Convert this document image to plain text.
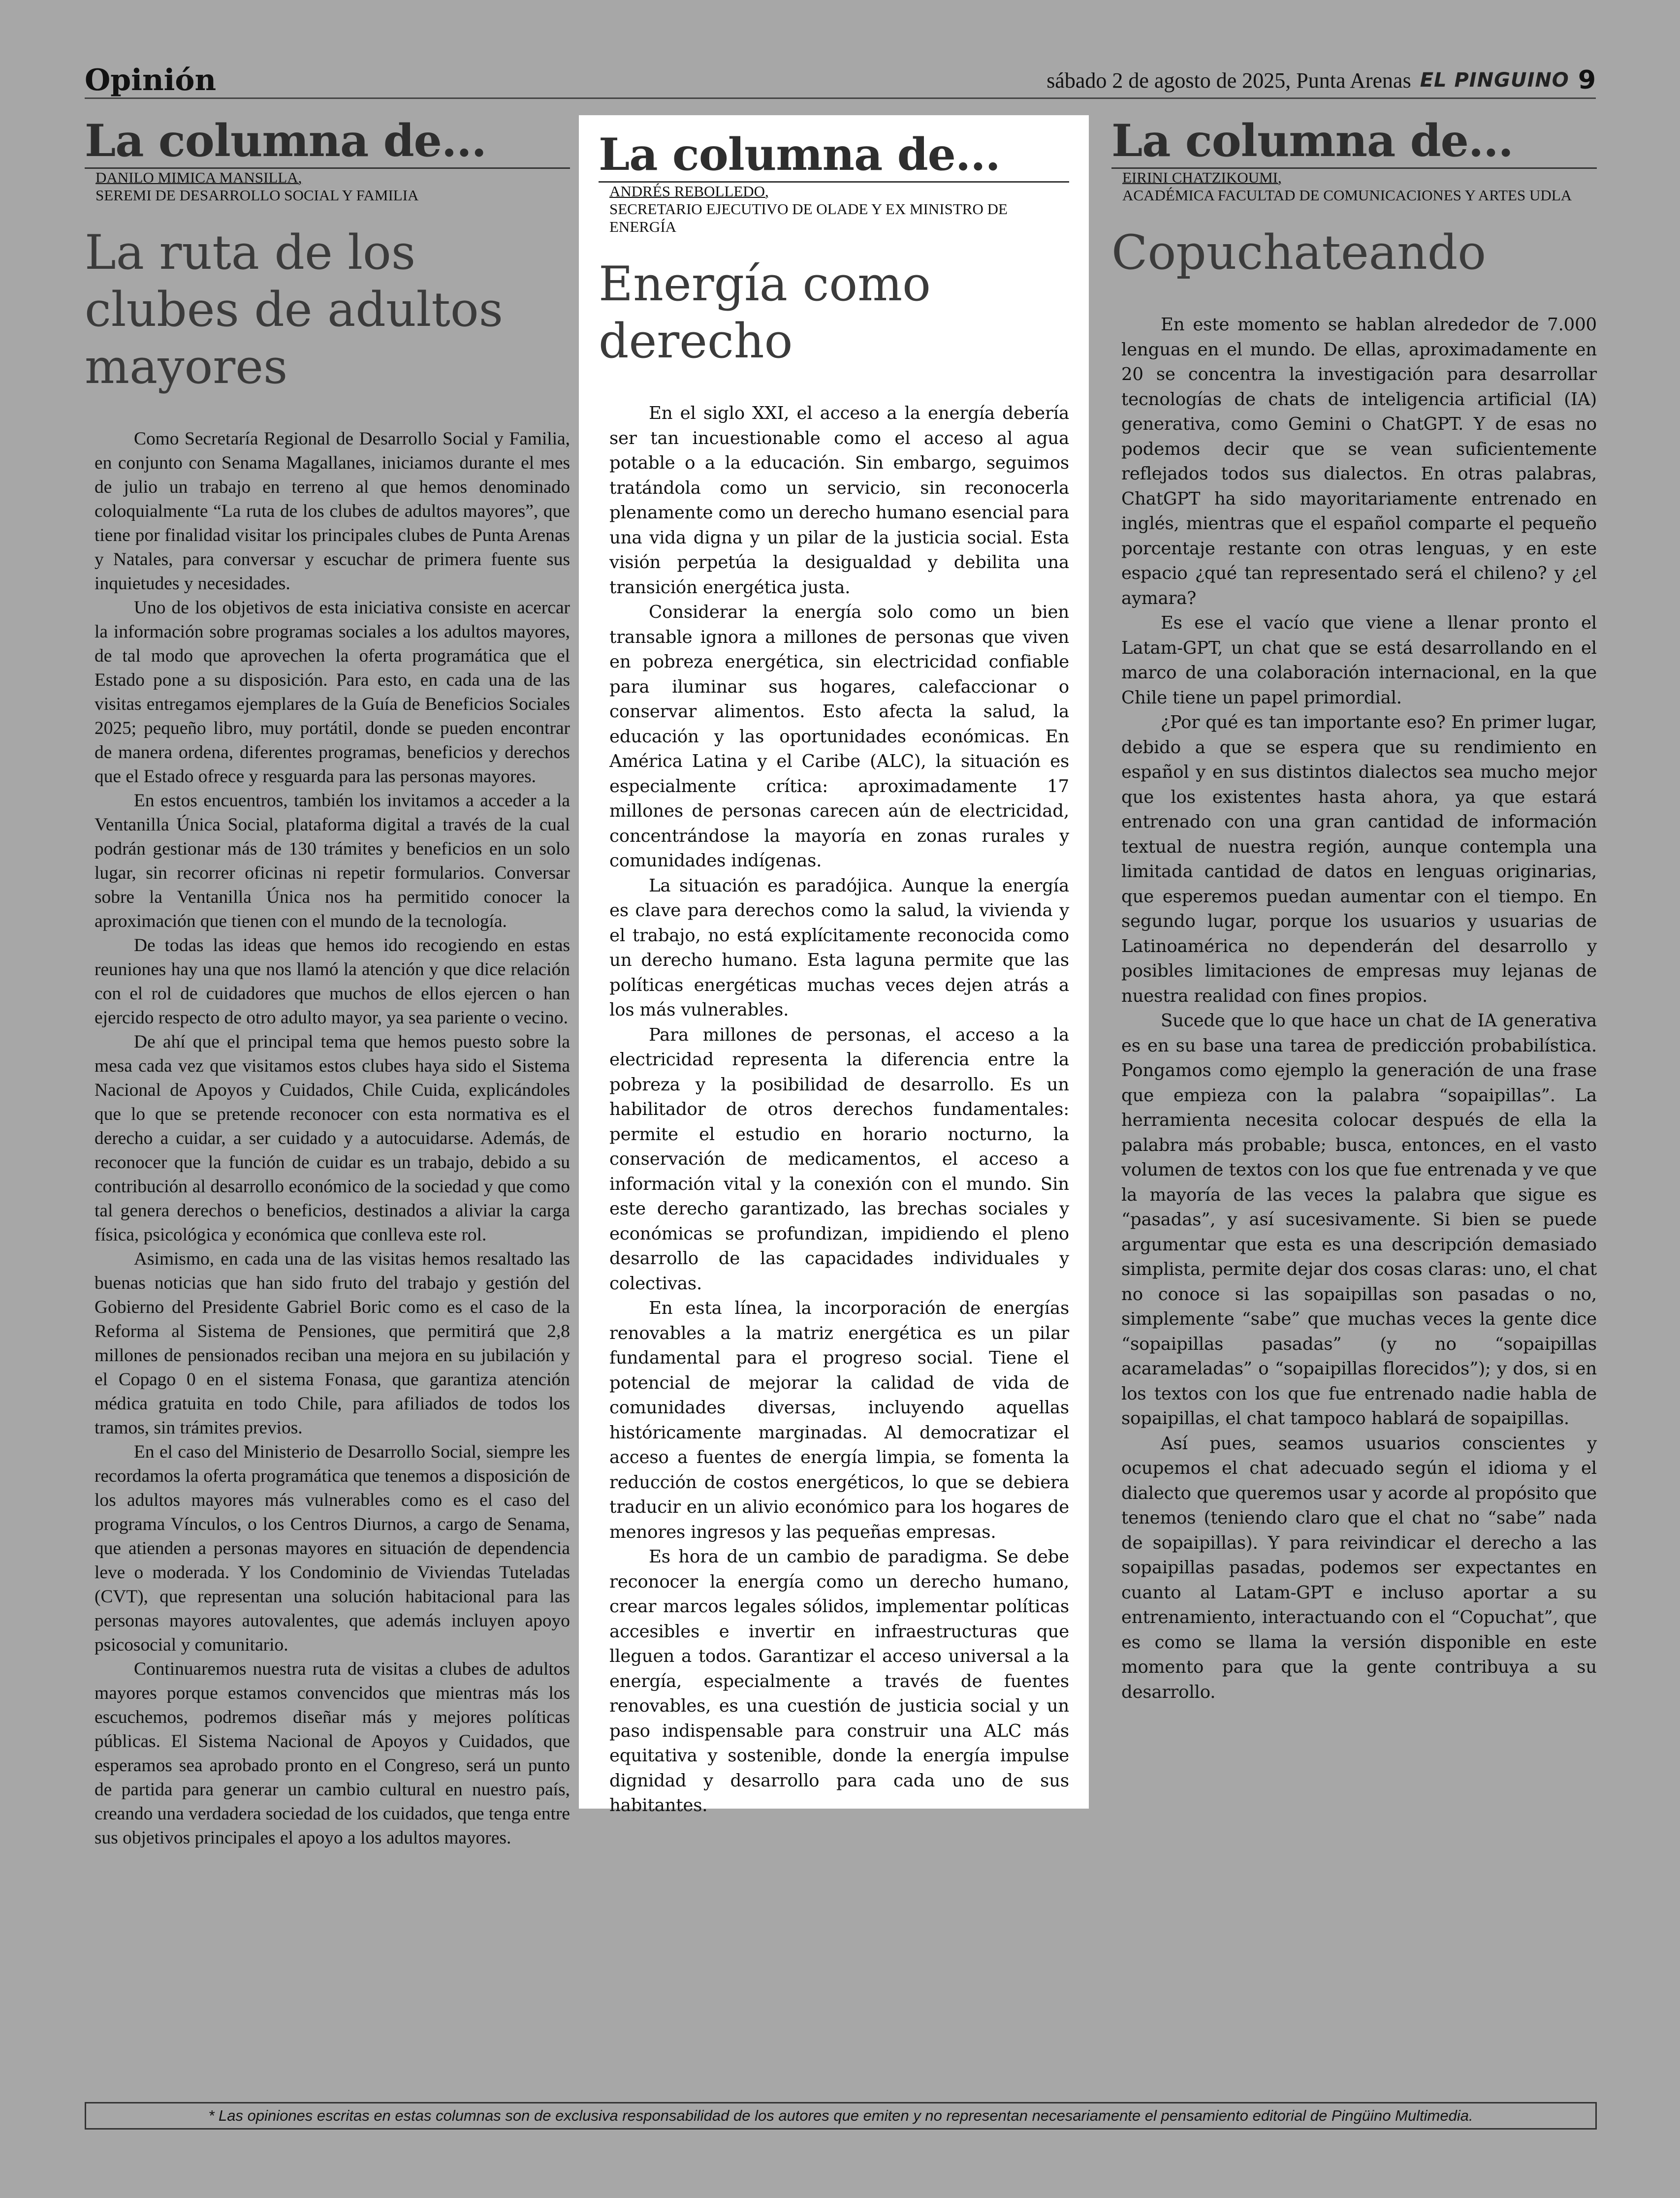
Opinión	sábado 2 de agosto de 2025, Punta Arenas EL PINGUINO 9
La columna de...
DANILO MIMICA MANSILLA,
SEREMI DE DESARROLLO SOCIAL Y FAMILIA
La ruta de los clubes de adultos mayores

Como Secretaría Regional de Desarrollo Social y Familia, en conjunto con Senama Magallanes, iniciamos durante el mes de julio un trabajo en terreno al que hemos denominado coloquialmente “La ruta de los clubes de adultos mayores”, que tiene por finalidad visitar los principales clubes de Punta Arenas y Natales, para conversar y escuchar de primera fuente sus inquietudes y necesidades.

Uno de los objetivos de esta iniciativa consiste en acercar la información sobre programas sociales a los adultos mayores, de tal modo que aprovechen la oferta programática que el Estado pone a su disposición. Para esto, en cada una de las visitas entregamos ejemplares de la Guía de Beneficios Sociales 2025; pequeño libro, muy portátil, donde se pueden encontrar de manera ordena, diferentes programas, beneficios y derechos que el Estado ofrece y resguarda para las personas mayores.

En estos encuentros, también los invitamos a acceder a la Ventanilla Única Social, plataforma digital a través de la cual podrán gestionar más de 130 trámites y beneficios en un solo lugar, sin recorrer oficinas ni repetir formularios. Conversar sobre la Ventanilla Única nos ha permitido conocer la aproximación que tienen con el mundo de la tecnología.

De todas las ideas que hemos ido recogiendo en estas reuniones hay una que nos llamó la atención y que dice relación con el rol de cuidadores que muchos de ellos ejercen o han ejercido respecto de otro adulto mayor, ya sea pariente o vecino.

De ahí que el principal tema que hemos puesto sobre la mesa cada vez que visitamos estos clubes haya sido el Sistema Nacional de Apoyos y Cuidados, Chile Cuida, explicándoles que lo que se pretende reconocer con esta normativa es el derecho a cuidar, a ser cuidado y a autocuidarse. Además, de reconocer que la función de cuidar es un trabajo, debido a su contribución al desarrollo económico de la sociedad y que como tal genera derechos o beneficios, destinados a aliviar la carga física, psicológica y económica que conlleva este rol.

Asimismo, en cada una de las visitas hemos resaltado las buenas noticias que han sido fruto del trabajo y gestión del Gobierno del Presidente Gabriel Boric como es el caso de la Reforma al Sistema de Pensiones, que permitirá que 2,8 millones de pensionados reciban una mejora en su jubilación y el Copago 0 en el sistema Fonasa, que garantiza atención médica gratuita en todo Chile, para afiliados de todos los tramos, sin trámites previos.

En el caso del Ministerio de Desarrollo Social, siempre les recordamos la oferta programática que tenemos a disposición de los adultos mayores más vulnerables como es el caso del programa Vínculos, o los Centros Diurnos, a cargo de Senama, que atienden a personas mayores en situación de dependencia leve o moderada. Y los Condominio de Viviendas Tuteladas (CVT), que representan una solución habitacional para las personas mayores autovalentes, que además incluyen apoyo psicosocial y comunitario.

Continuaremos nuestra ruta de visitas a clubes de adultos mayores porque estamos convencidos que mientras más los escuchemos, podremos diseñar más y mejores políticas públicas. El Sistema Nacional de Apoyos y Cuidados, que esperamos sea aprobado pronto en el Congreso, será un punto de partida para generar un cambio cultural en nuestro país, creando una verdadera sociedad de los cuidados, que tenga entre sus objetivos principales el apoyo a los adultos mayores.

La columna de...
ANDRÉS REBOLLEDO,
SECRETARIO EJECUTIVO DE OLADE Y EX MINISTRO DE ENERGÍA
Energía como derecho

En el siglo XXI, el acceso a la energía debería ser tan incuestionable como el acceso al agua potable o a la educación. Sin embargo, seguimos tratándola como un servicio, sin reconocerla plenamente como un derecho humano esencial para una vida digna y un pilar de la justicia social. Esta visión perpetúa la desigualdad y debilita una transición energética justa.

Considerar la energía solo como un bien transable ignora a millones de personas que viven en pobreza energética, sin electricidad confiable para iluminar sus hogares, calefaccionar o conservar alimentos. Esto afecta la salud, la educación y las oportunidades económicas. En América Latina y el Caribe (ALC), la situación es especialmente crítica: aproximadamente 17 millones de personas carecen aún de electricidad, concentrándose la mayoría en zonas rurales y comunidades indígenas.

La situación es paradójica. Aunque la energía es clave para derechos como la salud, la vivienda y el trabajo, no está explícitamente reconocida como un derecho humano. Esta laguna permite que las políticas energéticas muchas veces dejen atrás a los más vulnerables.

Para millones de personas, el acceso a la electricidad representa la diferencia entre la pobreza y la posibilidad de desarrollo. Es un habilitador de otros derechos fundamentales: permite el estudio en horario nocturno, la conservación de medicamentos, el acceso a información vital y la conexión con el mundo. Sin este derecho garantizado, las brechas sociales y económicas se profundizan, impidiendo el pleno desarrollo de las capacidades individuales y colectivas.

En esta línea, la incorporación de energías renovables a la matriz energética es un pilar fundamental para el progreso social. Tiene el potencial de mejorar la calidad de vida de comunidades diversas, incluyendo aquellas históricamente marginadas. Al democratizar el acceso a fuentes de energía limpia, se fomenta la reducción de costos energéticos, lo que se debiera traducir en un alivio económico para los hogares de menores ingresos y las pequeñas empresas.

Es hora de un cambio de paradigma. Se debe reconocer la energía como un derecho humano, crear marcos legales sólidos, implementar políticas accesibles e invertir en infraestructuras que lleguen a todos. Garantizar el acceso universal a la energía, especialmente a través de fuentes renovables, es una cuestión de justicia social y un paso indispensable para construir una ALC más equitativa y sostenible, donde la energía impulse dignidad y desarrollo para cada uno de sus habitantes.

La columna de...
EIRINI CHATZIKOUMI,
ACADÉMICA FACULTAD DE COMUNICACIONES Y ARTES UDLA
Copuchateando

En este momento se hablan alrededor de 7.000 lenguas en el mundo. De ellas, aproximadamente en 20 se concentra la investigación para desarrollar tecnologías de chats de inteligencia artificial (IA) generativa, como Gemini o ChatGPT. Y de esas no podemos decir que se vean suficientemente reflejados todos sus dialectos. En otras palabras, ChatGPT ha sido mayoritariamente entrenado en inglés, mientras que el español comparte el pequeño porcentaje restante con otras lenguas, y en este espacio ¿qué tan representado será el chileno? y ¿el aymara?

Es ese el vacío que viene a llenar pronto el Latam-GPT, un chat que se está desarrollando en el marco de una colaboración internacional, en la que Chile tiene un papel primordial.

¿Por qué es tan importante eso? En primer lugar, debido a que se espera que su rendimiento en español y en sus distintos dialectos sea mucho mejor que los existentes hasta ahora, ya que estará entrenado con una gran cantidad de información textual de nuestra región, aunque contempla una limitada cantidad de datos en lenguas originarias, que esperemos puedan aumentar con el tiempo. En segundo lugar, porque los usuarios y usuarias de Latinoamérica no dependerán del desarrollo y posibles limitaciones de empresas muy lejanas de nuestra realidad con fines propios.

Sucede que lo que hace un chat de IA generativa es en su base una tarea de predicción probabilística. Pongamos como ejemplo la generación de una frase que empieza con la palabra “sopaipillas”. La herramienta necesita colocar después de ella la palabra más probable; busca, entonces, en el vasto volumen de textos con los que fue entrenada y ve que la mayoría de las veces la palabra que sigue es “pasadas”, y así sucesivamente. Si bien se puede argumentar que esta es una descripción demasiado simplista, permite dejar dos cosas claras: uno, el chat no conoce si las sopaipillas son pasadas o no, simplemente “sabe” que muchas veces la gente dice “sopaipillas pasadas” (y no “sopaipillas acarameladas” o “sopaipillas florecidos”); y dos, si en los textos con los que fue entrenado nadie habla de sopaipillas, el chat tampoco hablará de sopaipillas.

Así pues, seamos usuarios conscientes y ocupemos el chat adecuado según el idioma y el dialecto que queremos usar y acorde al propósito que tenemos (teniendo claro que el chat no “sabe” nada de sopaipillas). Y para reivindicar el derecho a las sopaipillas pasadas, podemos ser expectantes en cuanto al Latam-GPT e incluso aportar a su entrenamiento, interactuando con el “Copuchat”, que es como se llama la versión disponible en este momento para que la gente contribuya a su desarrollo.

* Las opiniones escritas en estas columnas son de exclusiva responsabilidad de los autores que emiten y no representan necesariamente el pensamiento editorial de Pingüino Multimedia.
